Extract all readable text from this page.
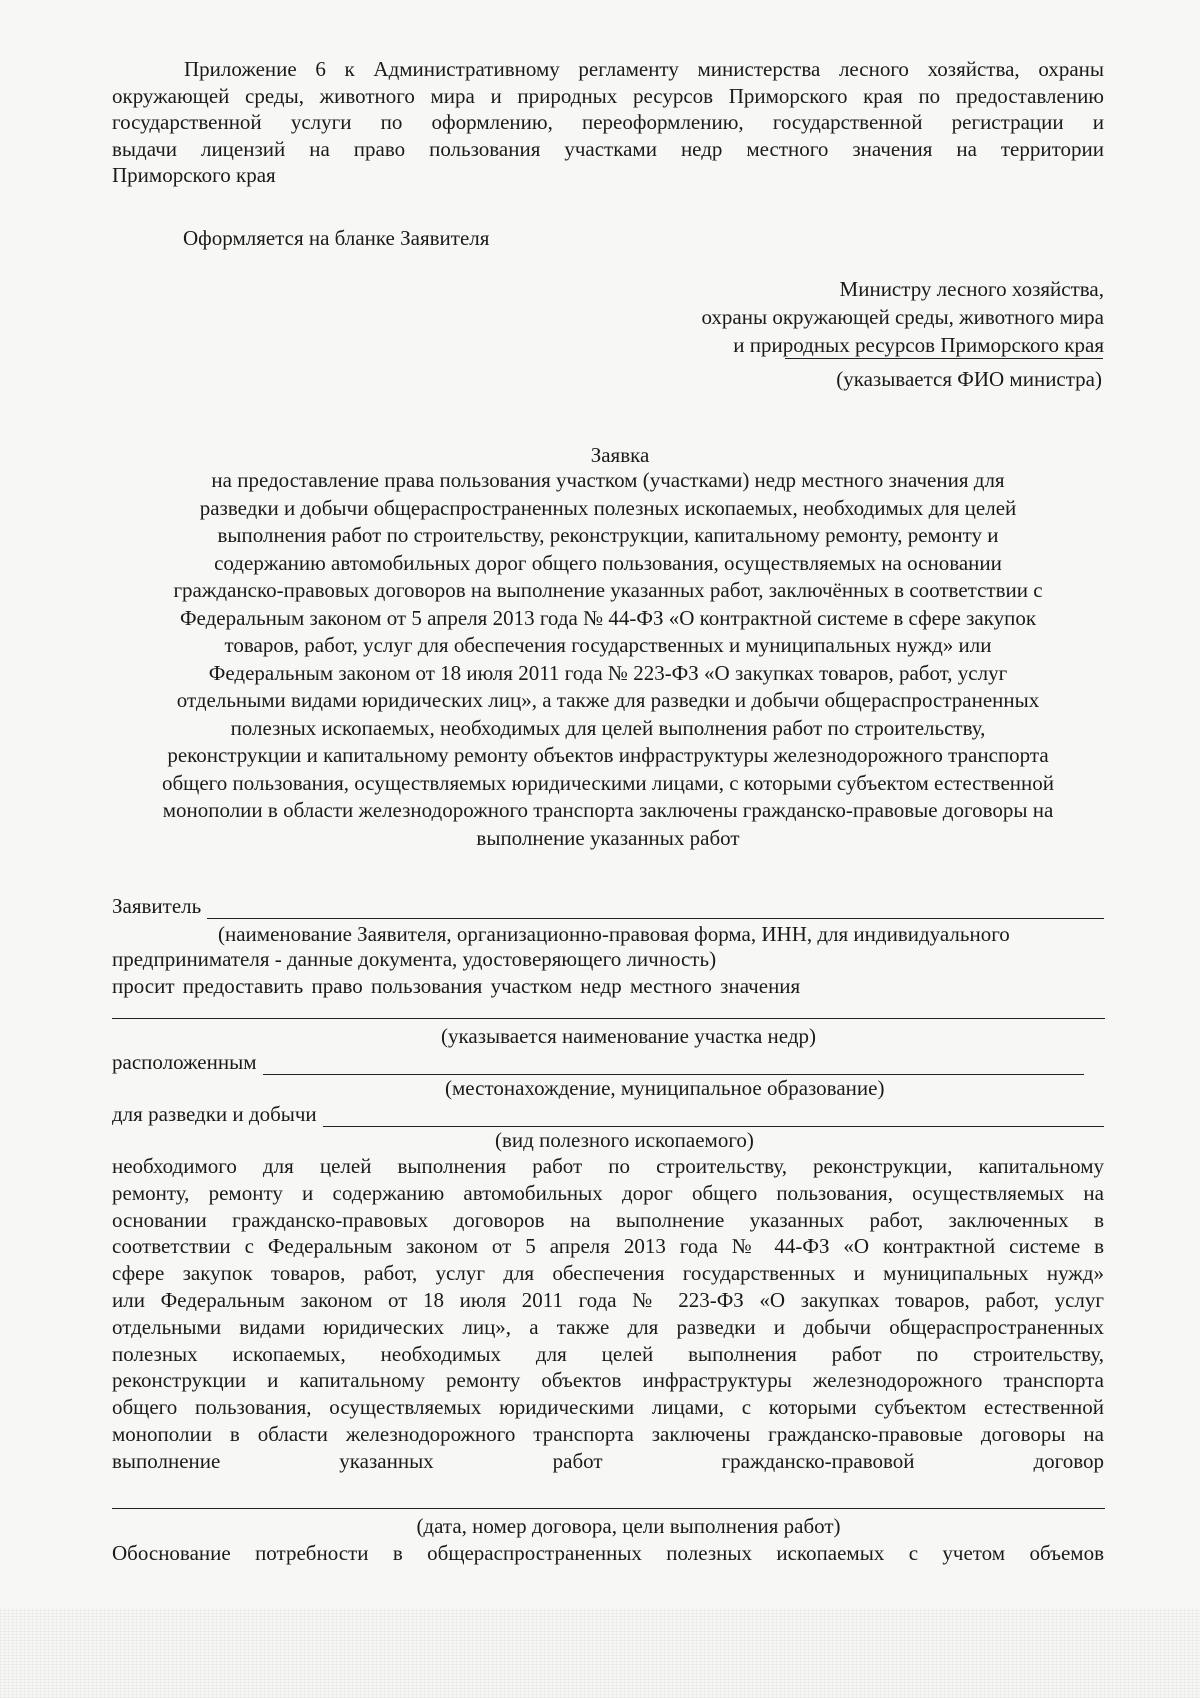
Приложение 6 к Административному регламенту министерства лесного хозяйства, охраны
окружающей среды, животного мира и природных ресурсов Приморского края по предоставлению
государственной услуги по оформлению, переоформлению, государственной регистрации и
выдачи лицензий на право пользования участками недр местного значения на территории
Приморского края
Оформляется на бланке Заявителя
Министру лесного хозяйства,
охраны окружающей среды, животного мира
и природных ресурсов Приморского края
(указывается ФИО министра)
Заявка
на предоставление права пользования участком (участками) недр местного значения для
разведки и добычи общераспространенных полезных ископаемых, необходимых для целей
выполнения работ по строительству, реконструкции, капитальному ремонту, ремонту и
содержанию автомобильных дорог общего пользования, осуществляемых на основании
гражданско-правовых договоров на выполнение указанных работ, заключённых в соответствии с
Федеральным законом от 5 апреля 2013 года № 44-ФЗ «О контрактной системе в сфере закупок
товаров, работ, услуг для обеспечения государственных и муниципальных нужд» или
Федеральным законом от 18 июля 2011 года № 223-ФЗ «О закупках товаров, работ, услуг
отдельными видами юридических лиц», а также для разведки и добычи общераспространенных
полезных ископаемых, необходимых для целей выполнения работ по строительству,
реконструкции и капитальному ремонту объектов инфраструктуры железнодорожного транспорта
общего пользования, осуществляемых юридическими лицами, с которыми субъектом естественной
монополии в области железнодорожного транспорта заключены гражданско-правовые договоры на
выполнение указанных работ
Заявитель
(наименование Заявителя, организационно-правовая форма, ИНН, для индивидуального
предпринимателя - данные документа, удостоверяющего личность)
просит предоставить право пользования участком недр местного значения
(указывается наименование участка недр)
расположенным
(местонахождение, муниципальное образование)
для разведки и добычи
(вид полезного ископаемого)
необходимого для целей выполнения работ по строительству, реконструкции, капитальному
ремонту, ремонту и содержанию автомобильных дорог общего пользования, осуществляемых на
основании гражданско-правовых договоров на выполнение указанных работ, заключенных в
соответствии с Федеральным законом от 5 апреля 2013 года № 44-ФЗ «О контрактной системе в
сфере закупок товаров, работ, услуг для обеспечения государственных и муниципальных нужд»
или Федеральным законом от 18 июля 2011 года № 223-ФЗ «О закупках товаров, работ, услуг
отдельными видами юридических лиц», а также для разведки и добычи общераспространенных
полезных ископаемых, необходимых для целей выполнения работ по строительству,
реконструкции и капитальному ремонту объектов инфраструктуры железнодорожного транспорта
общего пользования, осуществляемых юридическими лицами, с которыми субъектом естественной
монополии в области железнодорожного транспорта заключены гражданско-правовые договоры на
выполнение указанных работ гражданско-правовой договор
(дата, номер договора, цели выполнения работ)
Обоснование потребности в общераспространенных полезных ископаемых с учетом объемов
